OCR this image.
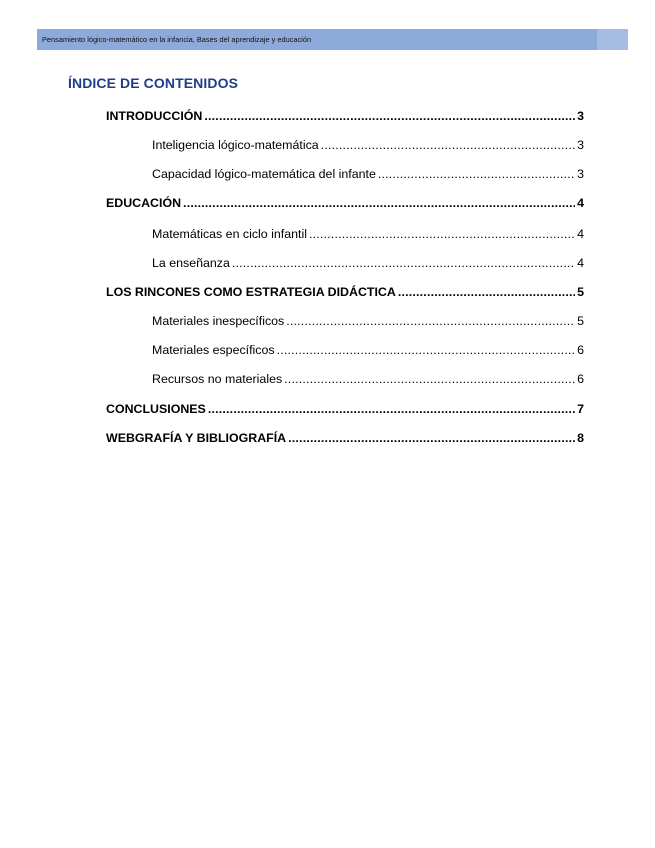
Pensamiento lógico-matemático en la infancia, Bases del aprendizaje y educación
ÍNDICE DE CONTENIDOS
INTRODUCCIÓN .....	3
Inteligencia lógico-matemática .....	3
Capacidad lógico-matemática del infante .....	3
EDUCACIÓN .....	4
Matemáticas en ciclo infantil .....	4
La enseñanza .....	4
LOS RINCONES COMO ESTRATEGIA DIDÁCTICA .....	5
Materiales inespecíficos .....	5
Materiales específicos .....	6
Recursos no materiales .....	6
CONCLUSIONES .....	7
WEBGRAFÍA Y BIBLIOGRAFÍA .....	8
